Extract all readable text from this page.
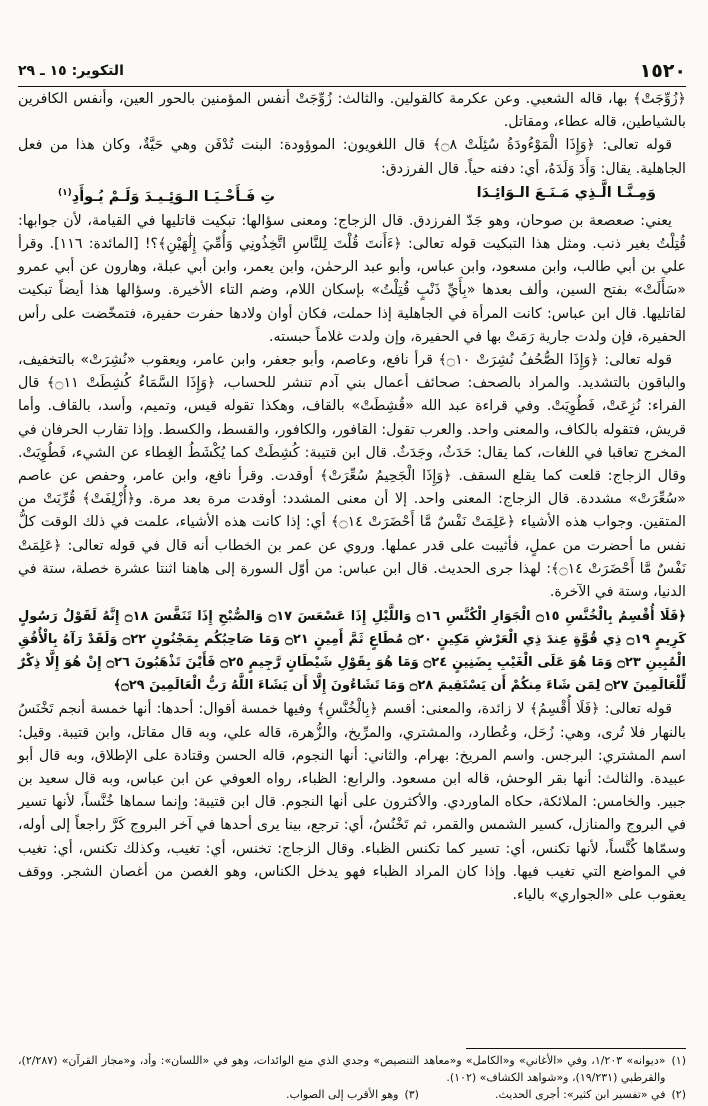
١٥٢٠
التكوير: ١٥ ـ ٢٩

﴿زُوِّجَتْ﴾ بها، قاله الشعبي. وعن عكرمة كالقولين. والثالث: زُوِّجَتْ أنفس المؤمنين بالحور العين، وأنفس الكافرين بالشياطين، قاله عطاء، ومقاتل.

قوله تعالى: ﴿وَإِذَا الْمَوْءُودَةُ سُئِلَتْ ۝٨﴾ قال اللغويون: الموؤودة: البنت تُدْفَن وهي حَيَّةٌ، وكان هذا من فعل الجاهلية. يقال: وَأَدَ وَلَدَهُ، أي: دفنه حياً. قال الفرزدق:

وَمِـنَّـا الَّـذِي مَـنَـعَ الـوَائِـدَا
تِ فَـأَحْـيَـا الـوَئِـيـدَ وَلَـمْ يُـوأَدِ$^{(١)}$

يعني: صعصعة بن صوحان، وهو جَدّ الفرزدق. قال الزجاج: ومعنى سؤالها: تبكيت قاتليها في القيامة، لأن جوابها: قُتِلْتُ بغير ذنب. ومثل هذا التبكيت قوله تعالى: ﴿ءَأَنتَ قُلْتَ لِلنَّاسِ اتَّخِذُونِي وَأُمِّيَ إِلَٰهَيْنِ﴾؟! [المائدة: ١١٦]. وقرأ علي بن أبي طالب، وابن مسعود، وابن عباس، وأبو عبد الرحمٰن، وابن يعمر، وابن أبي عبلة، وهارون عن أبي عمرو «سَأَلَتْ» بفتح السين، وألف بعدها «بِأَيِّ ذَنْبٍ قُتِلْتُ» بإسكان اللام، وضم التاء الأخيرة. وسؤالها هذا أيضاً تبكيت لقاتليها. قال ابن عباس: كانت المرأة في الجاهلية إذا حملت، فكان أوان ولادها حفرت حفيرة، فتمخّضت على رأس الحفيرة، فإن ولدت جارية رَمَتْ بها في الحفيرة، وإن ولدت غلاماً حبسته.

قوله تعالى: ﴿وَإِذَا الصُّحُفُ نُشِرَتْ ۝١٠﴾ قرأ نافع، وعاصم، وأبو جعفر، وابن عامر، ويعقوب «نُشِرَتْ» بالتخفيف، والباقون بالتشديد. والمراد بالصحف: صحائف أعمال بني آدم تنشر للحساب، ﴿وَإِذَا السَّمَاءُ كُشِطَتْ ۝١١﴾ قال الفراء: نُزِعَتْ، فَطُوِيَتْ. وفي قراءة عبد الله «قُشِطَتْ» بالقاف، وهكذا تقوله قيس، وتميم، وأسد، بالقاف. وأما قريش، فتقوله بالكاف، والمعنى واحد. والعرب تقول: القافور، والكافور، والقسط، والكسط. وإذا تقارب الحرفان في المخرج تعاقبا في اللغات، كما يقال: حَدَثٌ، وجَدَثٌ. قال ابن قتيبة: كُشِطَتْ كما يُكْشَطُ الغِطاء عن الشيء، فَطُوِيَتْ. وقال الزجاج: قلعت كما يقلع السقف. ﴿وَإِذَا الْجَحِيمُ سُعِّرَتْ﴾ أوقدت. وقرأ نافع، وابن عامر، وحفص عن عاصم «سُعِّرَتْ» مشددة. قال الزجاج: المعنى واحد. إلا أن معنى المشدد: أوقدت مرة بعد مرة. و﴿أُزْلِفَتْ﴾ قُرِّبَتْ من المتقين. وجواب هذه الأشياء ﴿عَلِمَتْ نَفْسٌ مَّا أَحْضَرَتْ ۝١٤﴾ أي: إذا كانت هذه الأشياء، علمت في ذلك الوقت كلُّ نفس ما أحضرت من عملٍ، فأثيبت على قدر عملها. وروي عن عمر بن الخطاب أنه قال في قوله تعالى: ﴿عَلِمَتْ نَفْسٌ مَّا أَحْضَرَتْ ۝١٤﴾: لهذا جرى الحديث. قال ابن عباس: من أوّل السورة إلى هاهنا اثنتا عشرة خصلة، ستة في الدنيا، وستة في الآخرة.

﴿فَلَا أُقْسِمُ بِالْخُنَّسِ ۝١٥ الْجَوَارِ الْكُنَّسِ ۝١٦ وَاللَّيْلِ إِذَا عَسْعَسَ ۝١٧ وَالصُّبْحِ إِذَا تَنَفَّسَ ۝١٨ إِنَّهُ لَقَوْلُ رَسُولٍ كَرِيمٍ ۝١٩ ذِي قُوَّةٍ عِندَ ذِي الْعَرْشِ مَكِينٍ ۝٢٠ مُطَاعٍ ثَمَّ أَمِينٍ ۝٢١ وَمَا صَاحِبُكُم بِمَجْنُونٍ ۝٢٢ وَلَقَدْ رَآهُ بِالْأُفُقِ الْمُبِينِ ۝٢٣ وَمَا هُوَ عَلَى الْغَيْبِ بِضَنِينٍ ۝٢٤ وَمَا هُوَ بِقَوْلِ شَيْطَانٍ رَّجِيمٍ ۝٢٥ فَأَيْنَ تَذْهَبُونَ ۝٢٦ إِنْ هُوَ إِلَّا ذِكْرٌ لِّلْعَالَمِينَ ۝٢٧ لِمَن شَاءَ مِنكُمْ أَن يَسْتَقِيمَ ۝٢٨ وَمَا تَشَاءُونَ إِلَّا أَن يَشَاءَ اللَّهُ رَبُّ الْعَالَمِينَ ۝٢٩﴾

قوله تعالى: ﴿فَلَا أُقْسِمُ﴾ لا زائدة، والمعنى: أقسم ﴿بِالْخُنَّسِ﴾ وفيها خمسة أقوال: أحدها: أنها خمسة أنجم تَخْنَسُ بالنهار فلا تُرى، وهي: زُحَل، وعُطارد، والمشتري، والمرِّيخ، والزُّهرة، قاله علي، وبه قال مقاتل، وابن قتيبة. وقيل: اسم المشتري: البرجس. واسم المريخ: بهرام. والثاني: أنها النجوم، قاله الحسن وقتادة على الإطلاق، وبه قال أبو عبيدة. والثالث: أنها بقر الوحش، قاله ابن مسعود. والرابع: الظباء، رواه العوفي عن ابن عباس، وبه قال سعيد بن جبير. والخامس: الملائكة، حكاه الماوردي. والأكثرون على أنها النجوم. قال ابن قتيبة: وإنما سماها خُنَّساً، لأنها تسير في البروج والمنازل، كسير الشمس والقمر، ثم تَخْنُسُ، أي: ترجع، بينا يرى أحدها في آخر البروج كَرَّ راجعاً إلى أوله، وسمّاها كُنَّساً، لأنها تكنس، أي: تسير كما تكنس الظباء. وقال الزجاج: تخنس، أي: تغيب، وكذلك تكنس، أي: تغيب في المواضع التي تغيب فيها. وإذا كان المراد الظباء فهو يدخل الكناس، وهو الغصن من أغصان الشجر. ووقف يعقوب على «الجواري» بالياء.

(١)
«ديوانه» ١/٢٠٣، وفي «الأغاني» و«الكامل» و«معاهد التنصيص» وجدي الذي منع الوائدات، وهو في «اللسان»: وأد، و«مجاز القرآن» (٢/٢٨٧)، والقرطبي (١٩/٢٣١)، و«شواهد الكشاف» (١٠٢).
(٢)
في «تفسير ابن كثير»: أجرى الحديث.
(٣)
وهو الأقرب إلى الصواب.
